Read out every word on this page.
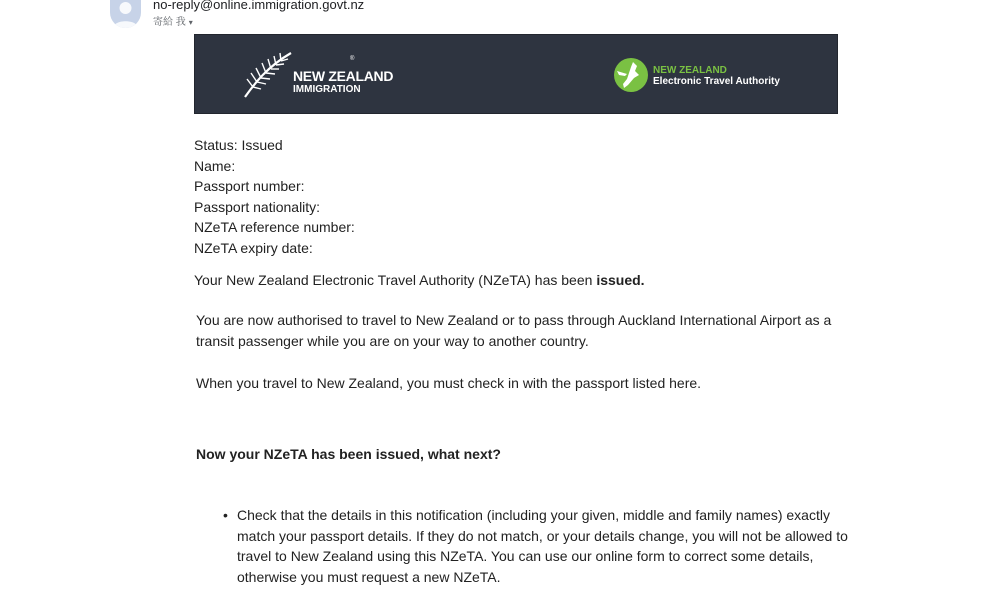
no-reply@online.immigration.govt.nz
寄給 我 ▾
®
NEW ZEALAND
IMMIGRATION
NEW ZEALAND
Electronic Travel Authority
Status: Issued
Name:
Passport number:
Passport nationality:
NZeTA reference number:
NZeTA expiry date:
Your New Zealand Electronic Travel Authority (NZeTA) has been issued.
You are now authorised to travel to New Zealand or to pass through Auckland International Airport as a transit passenger while you are on your way to another country.
When you travel to New Zealand, you must check in with the passport listed here.
Now your NZeTA has been issued, what next?
• Check that the details in this notification (including your given, middle and family names) exactly match your passport details. If they do not match, or your details change, you will not be allowed to travel to New Zealand using this NZeTA. You can use our online form to correct some details, otherwise you must request a new NZeTA.
